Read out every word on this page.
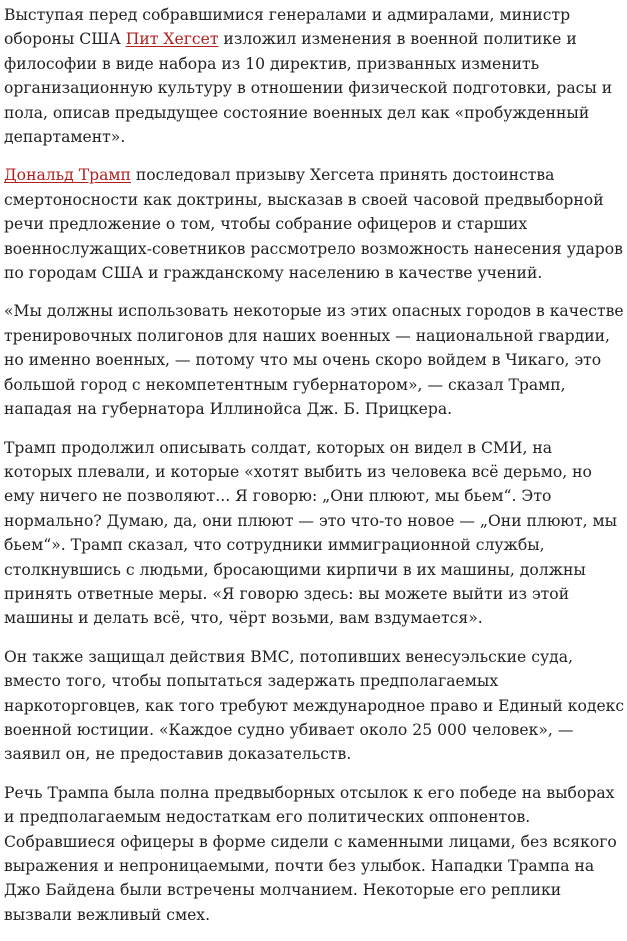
Выступая перед собравшимися генералами и адмиралами, министр обороны США Пит Хегсет изложил изменения в военной политике и философии в виде набора из 10 директив, призванных изменить организационную культуру в отношении физической подготовки, расы и пола, описав предыдущее состояние военных дел как «пробужденный департамент».

Дональд Трамп последовал призыву Хегсета принять достоинства смертоносности как доктрины, высказав в своей часовой предвыборной речи предложение о том, чтобы собрание офицеров и старших военнослужащих-советников рассмотрело возможность нанесения ударов по городам США и гражданскому населению в качестве учений.

«Мы должны использовать некоторые из этих опасных городов в качестве тренировочных полигонов для наших военных — национальной гвардии, но именно военных, — потому что мы очень скоро войдем в Чикаго, это большой город с некомпетентным губернатором», — сказал Трамп, нападая на губернатора Иллинойса Дж. Б. Прицкера.

Трамп продолжил описывать солдат, которых он видел в СМИ, на которых плевали, и которые «хотят выбить из человека всё дерьмо, но ему ничего не позволяют... Я говорю: „Они плюют, мы бьем“. Это нормально? Думаю, да, они плюют — это что-то новое — „Они плюют, мы бьем“». Трамп сказал, что сотрудники иммиграционной службы, столкнувшись с людьми, бросающими кирпичи в их машины, должны принять ответные меры. «Я говорю здесь: вы можете выйти из этой машины и делать всё, что, чёрт возьми, вам вздумается».

Он также защищал действия ВМС, потопивших венесуэльские суда, вместо того, чтобы попытаться задержать предполагаемых наркоторговцев, как того требуют международное право и Единый кодекс военной юстиции. «Каждое судно убивает около 25 000 человек», — заявил он, не предоставив доказательств.

Речь Трампа была полна предвыборных отсылок к его победе на выборах и предполагаемым недостаткам его политических оппонентов. Собравшиеся офицеры в форме сидели с каменными лицами, без всякого выражения и непроницаемыми, почти без улыбок. Нападки Трампа на Джо Байдена были встречены молчанием. Некоторые его реплики вызвали вежливый смех.
